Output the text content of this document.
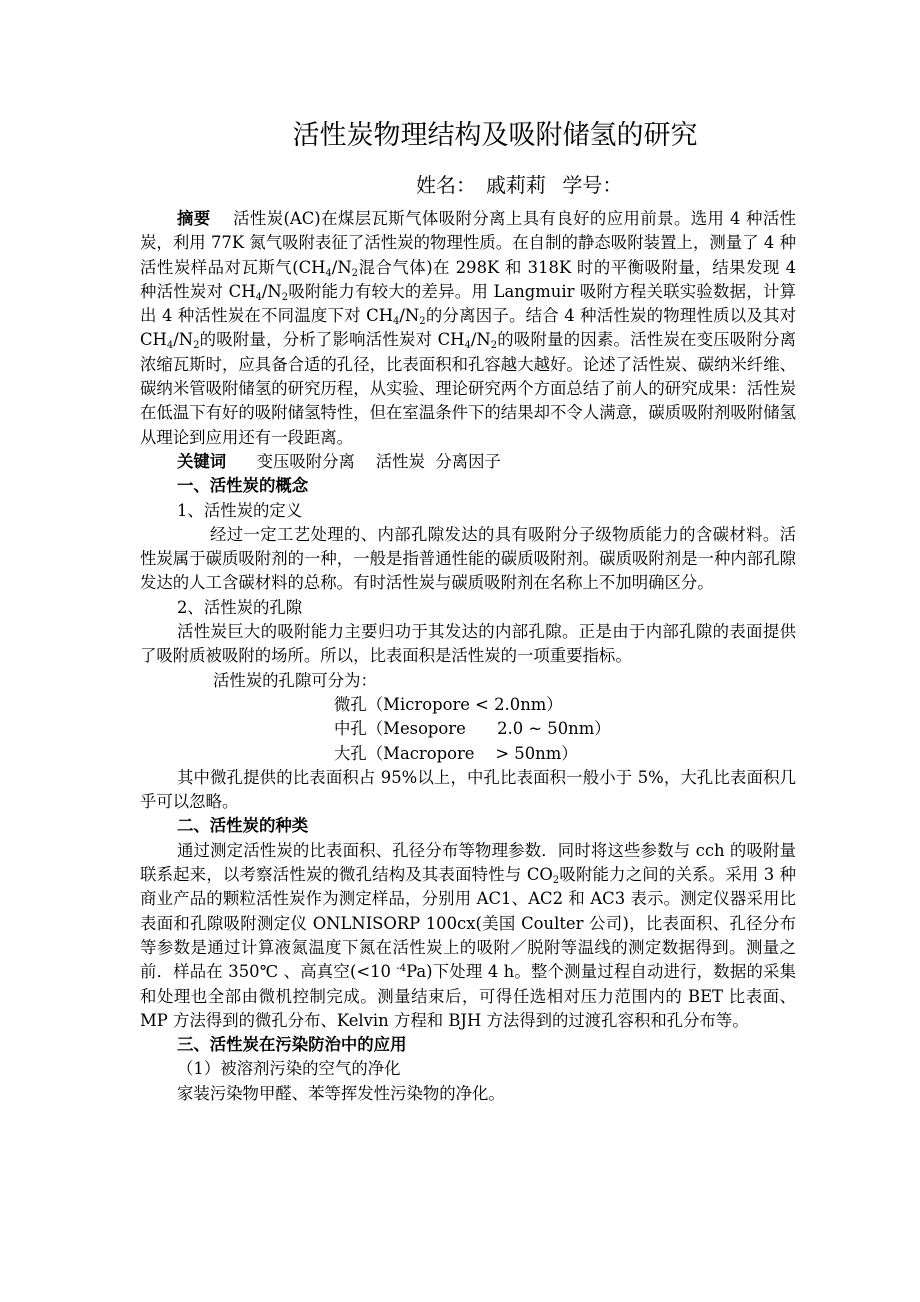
活性炭物理结构及吸附储氢的研究
姓名： 戚莉莉 学号：

摘要 活性炭(AC)在煤层瓦斯气体吸附分离上具有良好的应用前景。选用 4 种活性炭，利用 77K 氮气吸附表征了活性炭的物理性质。在自制的静态吸附装置上，测量了 4 种活性炭样品对瓦斯气($CH_4/N_2$混合气体)在 298K 和 318K 时的平衡吸附量，结果发现 4 种活性炭对 $CH_4/N_2$吸附能力有较大的差异。用 Langmuir 吸附方程关联实验数据，计算出 4 种活性炭在不同温度下对 $CH_4/N_2$的分离因子。结合 4 种活性炭的物理性质以及其对 $CH_4/N_2$的吸附量，分析了影响活性炭对 $CH_4/N_2$的吸附量的因素。活性炭在变压吸附分离浓缩瓦斯时，应具备合适的孔径，比表面积和孔容越大越好。论述了活性炭、碳纳米纤维、碳纳米管吸附储氢的研究历程，从实验、理论研究两个方面总结了前人的研究成果：活性炭在低温下有好的吸附储氢特性，但在室温条件下的结果却不令人满意，碳质吸附剂吸附储氢从理论到应用还有一段距离。

关键词 变压吸附分离 活性炭 分离因子

一、活性炭的概念

1、活性炭的定义

经过一定工艺处理的、内部孔隙发达的具有吸附分子级物质能力的含碳材料。活性炭属于碳质吸附剂的一种，一般是指普通性能的碳质吸附剂。碳质吸附剂是一种内部孔隙发达的人工含碳材料的总称。有时活性炭与碳质吸附剂在名称上不加明确区分。

2、活性炭的孔隙

活性炭巨大的吸附能力主要归功于其发达的内部孔隙。正是由于内部孔隙的表面提供了吸附质被吸附的场所。所以，比表面积是活性炭的一项重要指标。

活性炭的孔隙可分为：

微孔（Micropore < 2.0nm）

中孔（Mesopore      2.0 ~ 50nm）

大孔（Macropore    > 50nm）

其中微孔提供的比表面积占 95%以上，中孔比表面积一般小于 5%，大孔比表面积几乎可以忽略。

二、活性炭的种类

通过测定活性炭的比表面积、孔径分布等物理参数．同时将这些参数与 cch 的吸附量联系起来，以考察活性炭的微孔结构及其表面特性与 $CO_2$吸附能力之间的关系。采用 3 种商业产品的颗粒活性炭作为测定样品，分别用 AC1、AC2 和 AC3 表示。测定仪器采用比表面和孔隙吸附测定仪 ONLNISORP 100cx(美国 Coulter 公司)，比表面积、孔径分布等参数是通过计算液氮温度下氮在活性炭上的吸附／脱附等温线的测定数据得到。测量之前．样品在 350℃ 、高真空(<10 $^{-4}$Pa)下处理 4 h。整个测量过程自动进行，数据的采集和处理也全部由微机控制完成。测量结束后，可得任选相对压力范围内的 BET 比表面、MP 方法得到的微孔分布、Kelvin 方程和 BJH 方法得到的过渡孔容积和孔分布等。

三、活性炭在污染防治中的应用

（1）被溶剂污染的空气的净化

家装污染物甲醛、苯等挥发性污染物的净化。
